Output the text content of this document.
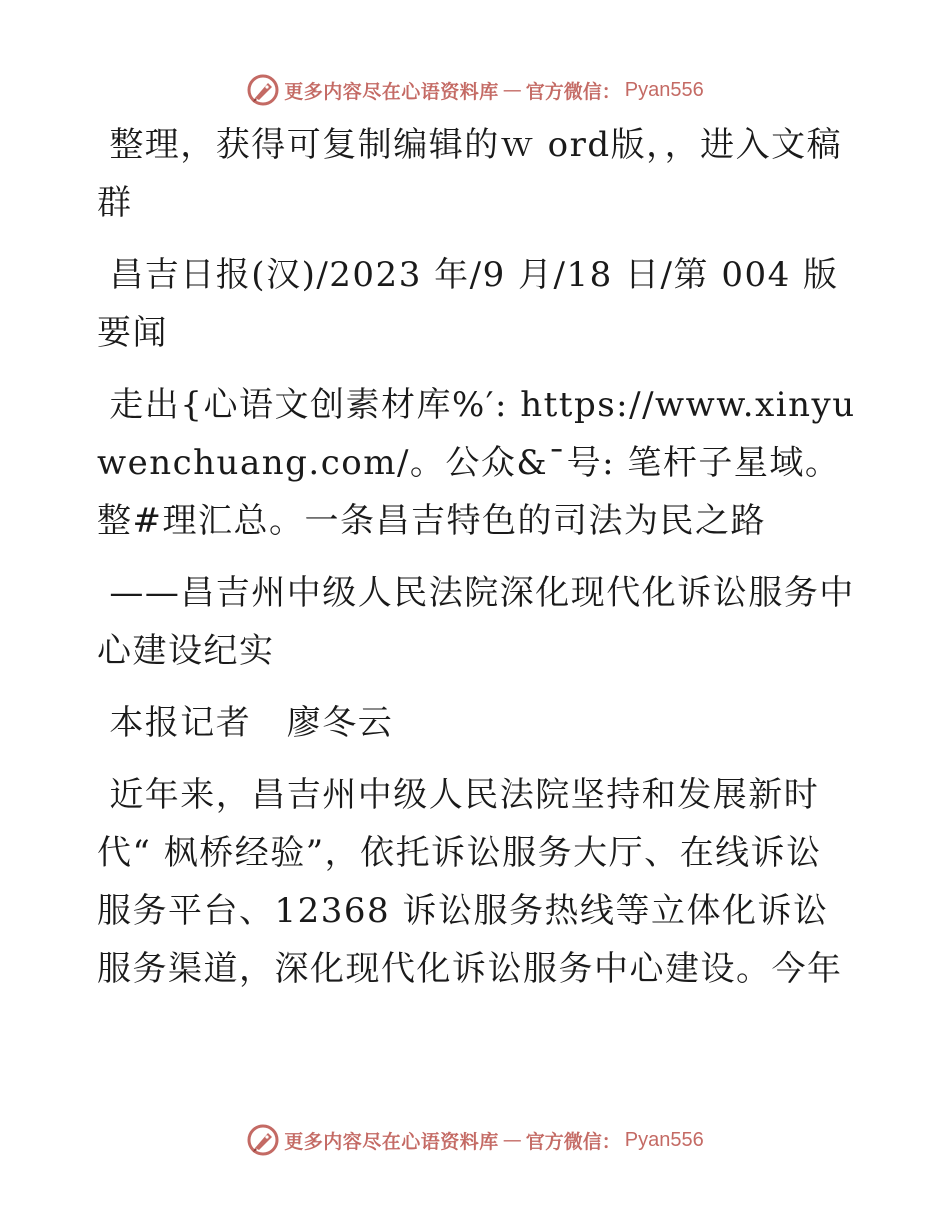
更多内容尽在心语资料库 — 官方微信： Pyan556

整理，获得可复制编辑的ｗ ord版，，进入文稿群

昌吉日报(汉)/2023 年/9 月/18 日/第 004 版要闻

走出{心语文创素材库%′: https://www.xinyuwenchuang.com/。公众&¯号: 笔杆子星域。整#理汇总。一条昌吉特色的司法为民之路

——昌吉州中级人民法院深化现代化诉讼服务中心建设纪实

本报记者　廖冬云

近年来，昌吉州中级人民法院坚持和发展新时代“ 枫桥经验”，依托诉讼服务大厅、在线诉讼服务平台、12368 诉讼服务热线等立体化诉讼服务渠道，深化现代化诉讼服务中心建设。今年

更多内容尽在心语资料库 — 官方微信： Pyan556
